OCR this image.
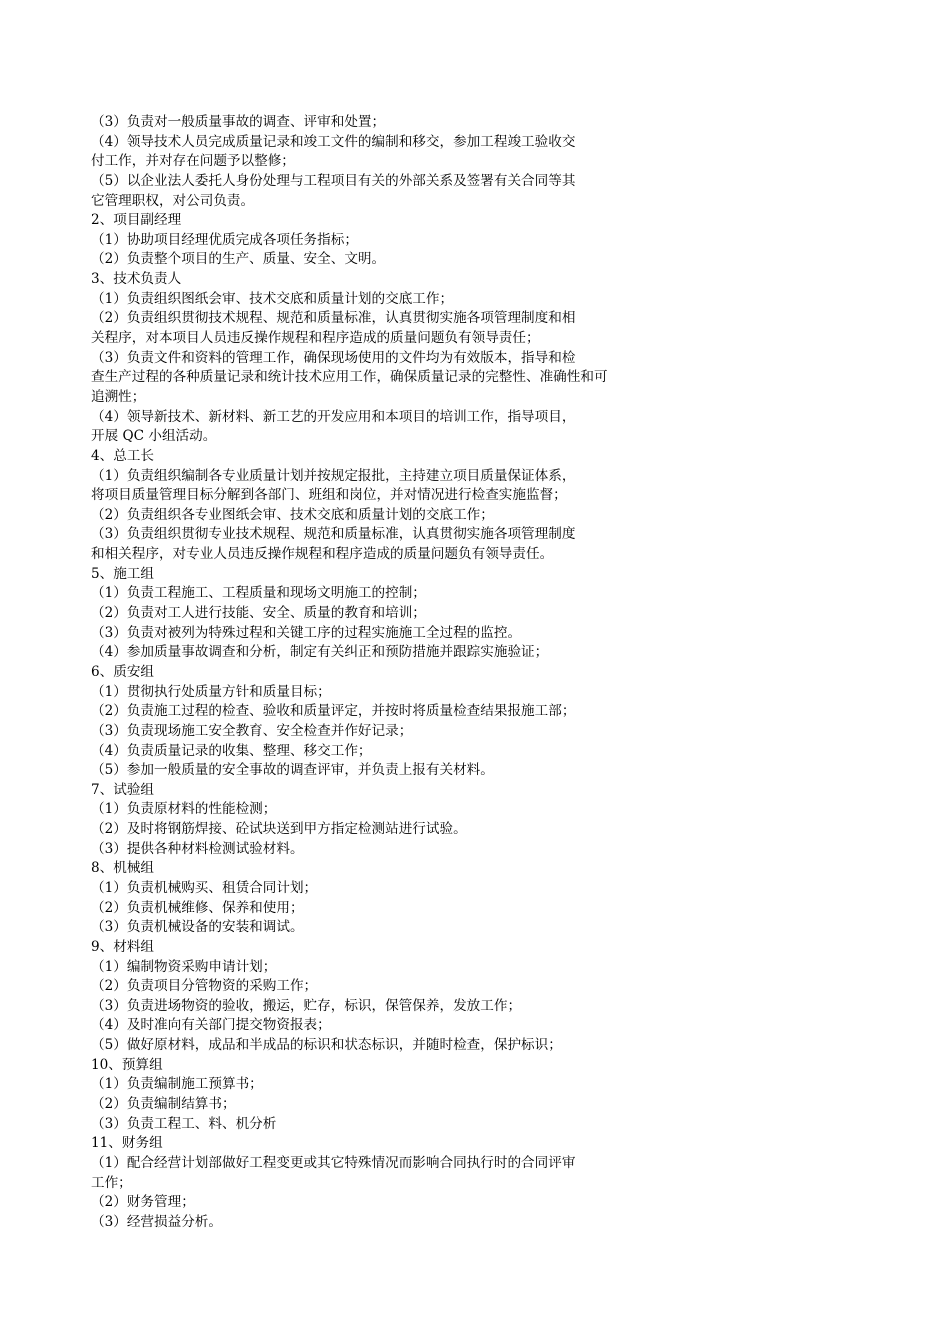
（3）负责对一般质量事故的调查、评审和处置；
（4）领导技术人员完成质量记录和竣工文件的编制和移交，参加工程竣工验收交
付工作，并对存在问题予以整修；
（5）以企业法人委托人身份处理与工程项目有关的外部关系及签署有关合同等其
它管理职权，对公司负责。
2、项目副经理
（1）协助项目经理优质完成各项任务指标；
（2）负责整个项目的生产、质量、安全、文明。
3、技术负责人
（1）负责组织图纸会审、技术交底和质量计划的交底工作；
（2）负责组织贯彻技术规程、规范和质量标准，认真贯彻实施各项管理制度和相
关程序，对本项目人员违反操作规程和程序造成的质量问题负有领导责任；
（3）负责文件和资料的管理工作，确保现场使用的文件均为有效版本，指导和检
查生产过程的各种质量记录和统计技术应用工作，确保质量记录的完整性、准确性和可
追溯性；
（4）领导新技术、新材料、新工艺的开发应用和本项目的培训工作，指导项目，
开展 QC 小组活动。
4、总工长
（1）负责组织编制各专业质量计划并按规定报批，主持建立项目质量保证体系，
将项目质量管理目标分解到各部门、班组和岗位，并对情况进行检查实施监督；
（2）负责组织各专业图纸会审、技术交底和质量计划的交底工作；
（3）负责组织贯彻专业技术规程、规范和质量标准，认真贯彻实施各项管理制度
和相关程序，对专业人员违反操作规程和程序造成的质量问题负有领导责任。
5、施工组
（1）负责工程施工、工程质量和现场文明施工的控制；
（2）负责对工人进行技能、安全、质量的教育和培训；
（3）负责对被列为特殊过程和关键工序的过程实施施工全过程的监控。
（4）参加质量事故调查和分析，制定有关纠正和预防措施并跟踪实施验证；
6、质安组
（1）贯彻执行处质量方针和质量目标；
（2）负责施工过程的检查、验收和质量评定，并按时将质量检查结果报施工部；
（3）负责现场施工安全教育、安全检查并作好记录；
（4）负责质量记录的收集、整理、移交工作；
（5）参加一般质量的安全事故的调查评审，并负责上报有关材料。
7、试验组
（1）负责原材料的性能检测；
（2）及时将钢筋焊接、砼试块送到甲方指定检测站进行试验。
（3）提供各种材料检测试验材料。
8、机械组
（1）负责机械购买、租赁合同计划；
（2）负责机械维修、保养和使用；
（3）负责机械设备的安装和调试。
9、材料组
（1）编制物资采购申请计划；
（2）负责项目分管物资的采购工作；
（3）负责进场物资的验收，搬运，贮存，标识，保管保养，发放工作；
（4）及时准向有关部门提交物资报表；
（5）做好原材料，成品和半成品的标识和状态标识，并随时检查，保护标识；
10、预算组
（1）负责编制施工预算书；
（2）负责编制结算书；
（3）负责工程工、料、机分析
11、财务组
（1）配合经营计划部做好工程变更或其它特殊情况而影响合同执行时的合同评审
工作；
（2）财务管理；
（3）经营损益分析。
